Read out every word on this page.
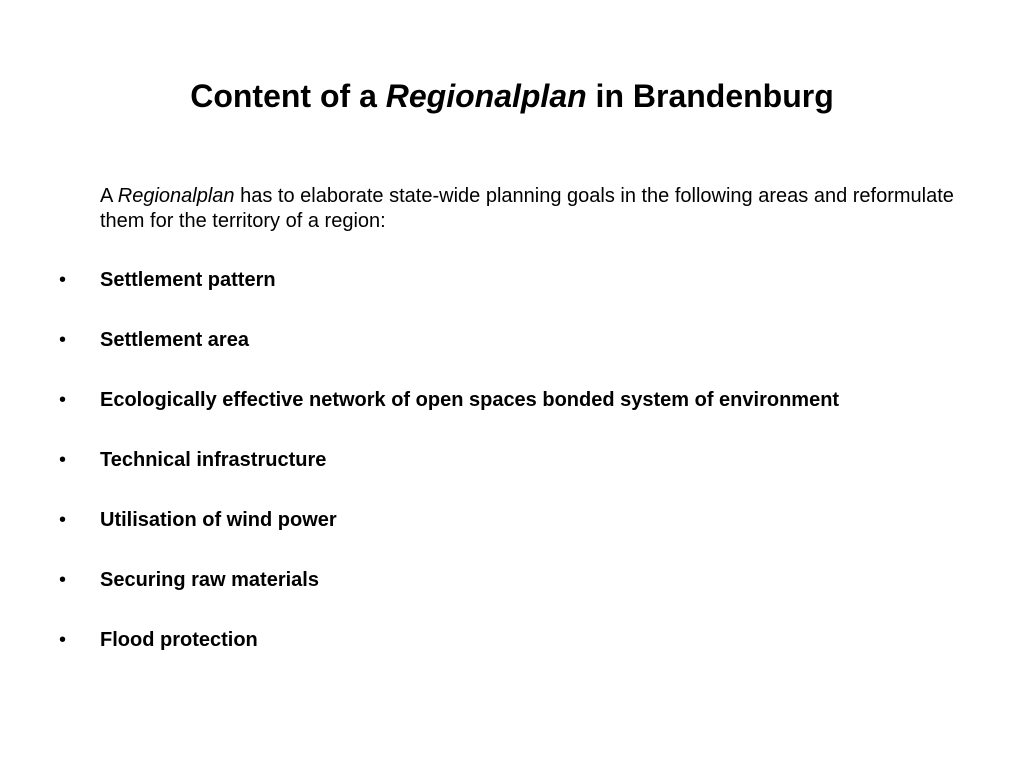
Content of a Regionalplan in Brandenburg

A Regionalplan has to elaborate state-wide planning goals in the following areas and reformulate them for the territory of a region:

• Settlement pattern
• Settlement area
• Ecologically effective network of open spaces bonded system of environment
• Technical infrastructure
• Utilisation of wind power
• Securing raw materials
• Flood protection
